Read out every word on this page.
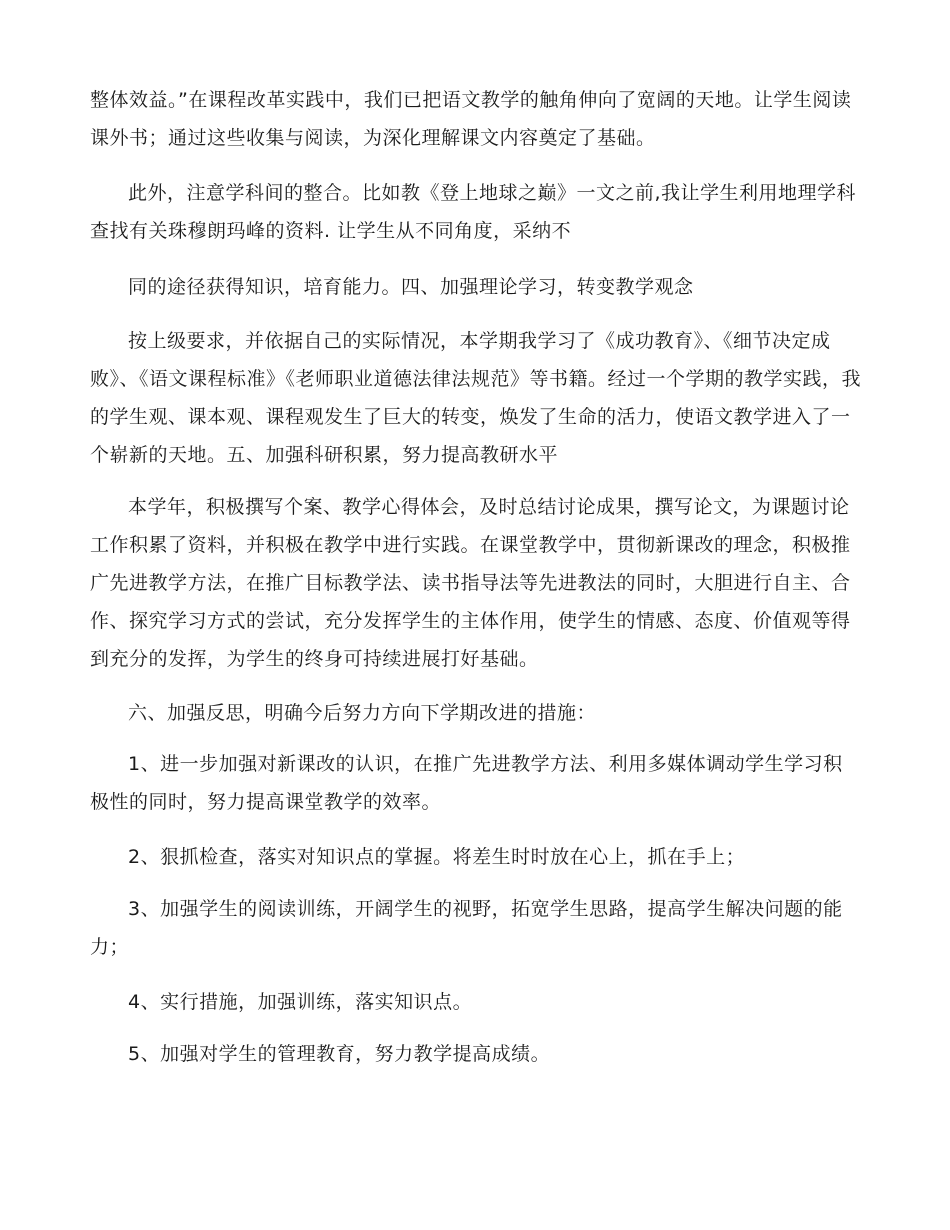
整体效益。”在课程改革实践中，我们已把语文教学的触角伸向了宽阔的天地。让学生阅读课外书；通过这些收集与阅读，为深化理解课文内容奠定了基础。

此外，注意学科间的整合。比如教《登上地球之巅》一文之前,我让学生利用地理学科查找有关珠穆朗玛峰的资料. 让学生从不同角度，采纳不

同的途径获得知识，培育能力。四、加强理论学习，转变教学观念

按上级要求，并依据自己的实际情况，本学期我学习了《成功教育》、《细节决定成败》、《语文课程标准》《老师职业道德法律法规范》等书籍。经过一个学期的教学实践，我的学生观、课本观、课程观发生了巨大的转变，焕发了生命的活力，使语文教学进入了一个崭新的天地。五、加强科研积累，努力提高教研水平

本学年，积极撰写个案、教学心得体会，及时总结讨论成果，撰写论文，为课题讨论工作积累了资料，并积极在教学中进行实践。在课堂教学中，贯彻新课改的理念，积极推广先进教学方法，在推广目标教学法、读书指导法等先进教法的同时，大胆进行自主、合作、探究学习方式的尝试，充分发挥学生的主体作用，使学生的情感、态度、价值观等得到充分的发挥，为学生的终身可持续进展打好基础。

六、加强反思，明确今后努力方向下学期改进的措施：

1、进一步加强对新课改的认识，在推广先进教学方法、利用多媒体调动学生学习积极性的同时，努力提高课堂教学的效率。

2、狠抓检查，落实对知识点的掌握。将差生时时放在心上，抓在手上；

3、加强学生的阅读训练，开阔学生的视野，拓宽学生思路，提高学生解决问题的能力；

4、实行措施，加强训练，落实知识点。

5、加强对学生的管理教育，努力教学提高成绩。
